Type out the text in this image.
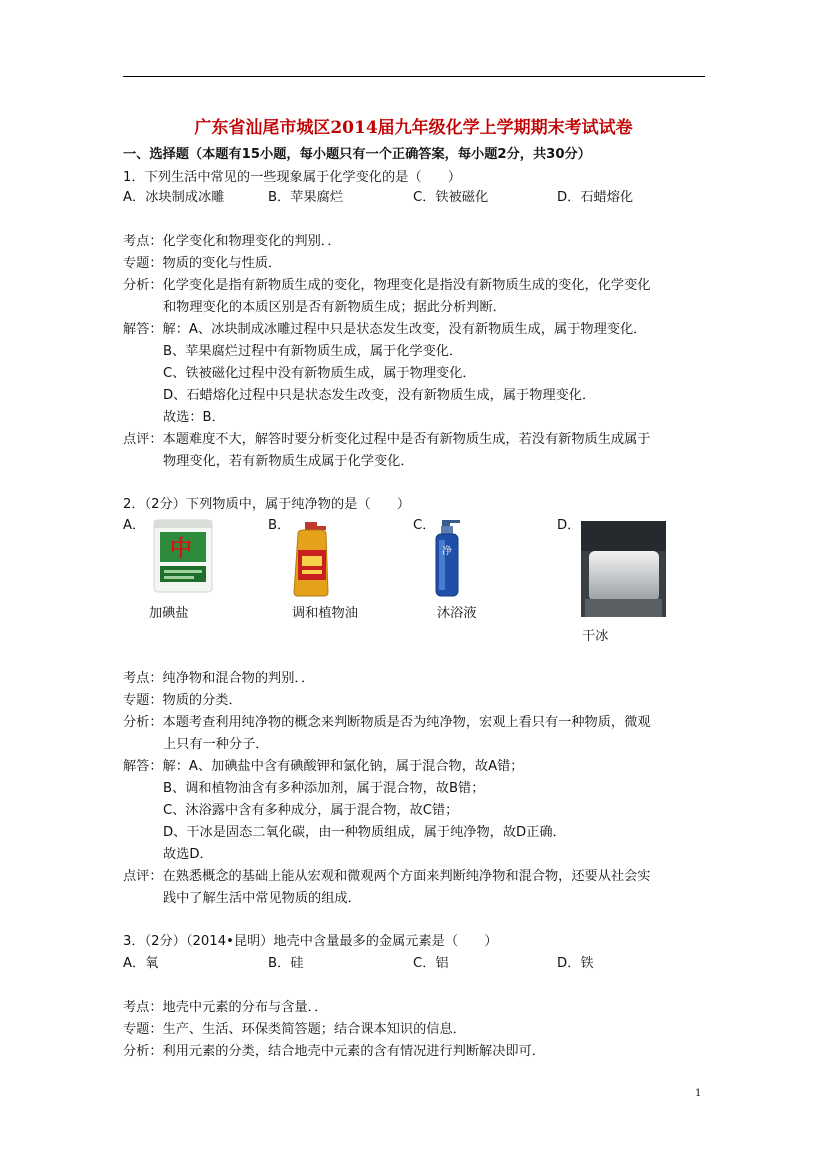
广东省汕尾市城区2014届九年级化学上学期期末考试试卷
一、选择题（本题有15小题，每小题只有一个正确答案，每小题2分，共30分）
1．下列生活中常见的一些现象属于化学变化的是（　　）
A．冰块制成冰雕	B．苹果腐烂	C．铁被磁化	D．石蜡熔化
考点：化学变化和物理变化的判别．．
专题：物质的变化与性质．
分析：化学变化是指有新物质生成的变化，物理变化是指没有新物质生成的变化，化学变化
和物理变化的本质区别是否有新物质生成；据此分析判断．
解答：解：A、冰块制成冰雕过程中只是状态发生改变，没有新物质生成，属于物理变化．
B、苹果腐烂过程中有新物质生成，属于化学变化．
C、铁被磁化过程中没有新物质生成，属于物理变化．
D、石蜡熔化过程中只是状态发生改变，没有新物质生成，属于物理变化．
故选：B．
点评：本题难度不大，解答时要分析变化过程中是否有新物质生成，若没有新物质生成属于
物理变化，若有新物质生成属于化学变化．
2．（2分）下列物质中，属于纯净物的是（　　）
A．	B．	C．	D．
中
加碘盐	调和植物油
净
沐浴液
干冰
考点：纯净物和混合物的判别．．
专题：物质的分类．
分析：本题考查利用纯净物的概念来判断物质是否为纯净物，宏观上看只有一种物质，微观
上只有一种分子．
解答：解：A、加碘盐中含有碘酸钾和氯化钠，属于混合物，故A错；
B、调和植物油含有多种添加剂，属于混合物，故B错；
C、沐浴露中含有多种成分，属于混合物，故C错；
D、干冰是固态二氧化碳，由一种物质组成，属于纯净物，故D正确．
故选D．
点评：在熟悉概念的基础上能从宏观和微观两个方面来判断纯净物和混合物，还要从社会实
践中了解生活中常见物质的组成．
3．（2分）（2014•昆明）地壳中含量最多的金属元素是（　　）
A．氧	B．硅	C．铝	D．铁
考点：地壳中元素的分布与含量．．
专题：生产、生活、环保类简答题；结合课本知识的信息．
分析：利用元素的分类，结合地壳中元素的含有情况进行判断解决即可．
1
